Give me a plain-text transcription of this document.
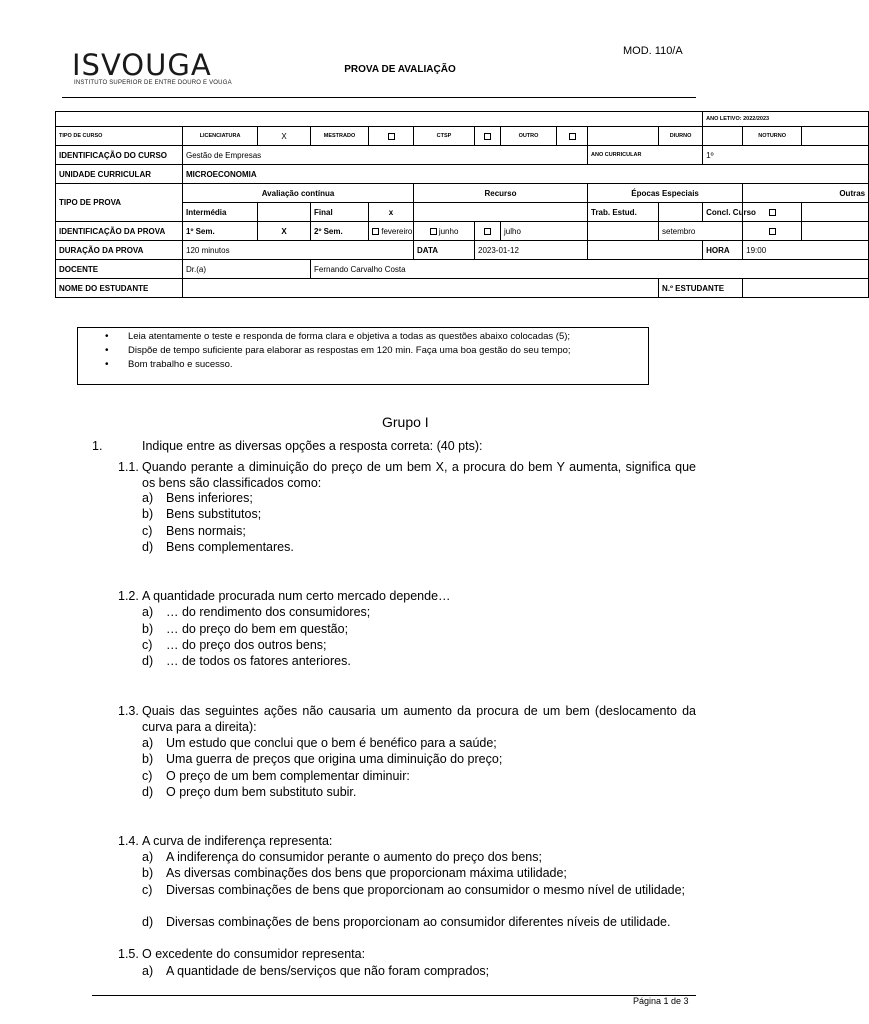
ISVOUGA
INSTITUTO SUPERIOR DE ENTRE DOURO E VOUGA
MOD. 110/A
PROVA DE AVALIAÇÃO
											ANO LETIVO: 2022/2023		
TIPO DE CURSO	LICENCIATURA	X	MESTRADO		CTSP		OUTRO			DIURNO		NOTURNO	
IDENTIFICAÇÃO DO CURSO	Gestão de Empresas								ANO CURRICULAR		1º		
UNIDADE CURRICULAR	MICROECONOMIA												
TIPO DE PROVA	Avaliação contínua				Recurso				Épocas Especiais			Outras	
	Intermédia		Final	x					Trab. Estud.		Concl. Curso		
IDENTIFICAÇÃO DA PROVA	1º Sem.	X	2º Sem.	fevereiro	junho		julho			setembro			
DURAÇÃO DA PROVA	120 minutos				DATA	2023-01-12					HORA	19:00	
DOCENTE	Dr.(a)		Fernando Carvalho Costa										
NOME DO ESTUDANTE										N.º ESTUDANTE			
• Leia atentamente o teste e responda de forma clara e objetiva a todas as questões abaixo colocadas (5);
• Dispõe de tempo suficiente para elaborar as respostas em 120 min. Faça uma boa gestão do seu tempo;
• Bom trabalho e sucesso.
Grupo I
1.	Indique entre as diversas opções a resposta correta: (40 pts):
1.1. Quando perante a diminuição do preço de um bem X, a procura do bem Y aumenta, significa que os bens são classificados como:
a) Bens inferiores;
b) Bens substitutos;
c) Bens normais;
d) Bens complementares.
1.2. A quantidade procurada num certo mercado depende…
a) … do rendimento dos consumidores;
b) … do preço do bem em questão;
c) … do preço dos outros bens;
d) … de todos os fatores anteriores.
1.3. Quais das seguintes ações não causaria um aumento da procura de um bem (deslocamento da curva para a direita):
a) Um estudo que conclui que o bem é benéfico para a saúde;
b) Uma guerra de preços que origina uma diminuição do preço;
c) O preço de um bem complementar diminuir:
d) O preço dum bem substituto subir.
1.4. A curva de indiferença representa:
a) A indiferença do consumidor perante o aumento do preço dos bens;
b) As diversas combinações dos bens que proporcionam máxima utilidade;
c) Diversas combinações de bens que proporcionam ao consumidor o mesmo nível de utilidade;
d) Diversas combinações de bens proporcionam ao consumidor diferentes níveis de utilidade.
1.5. O excedente do consumidor representa:
a) A quantidade de bens/serviços que não foram comprados;
Página 1 de 3
